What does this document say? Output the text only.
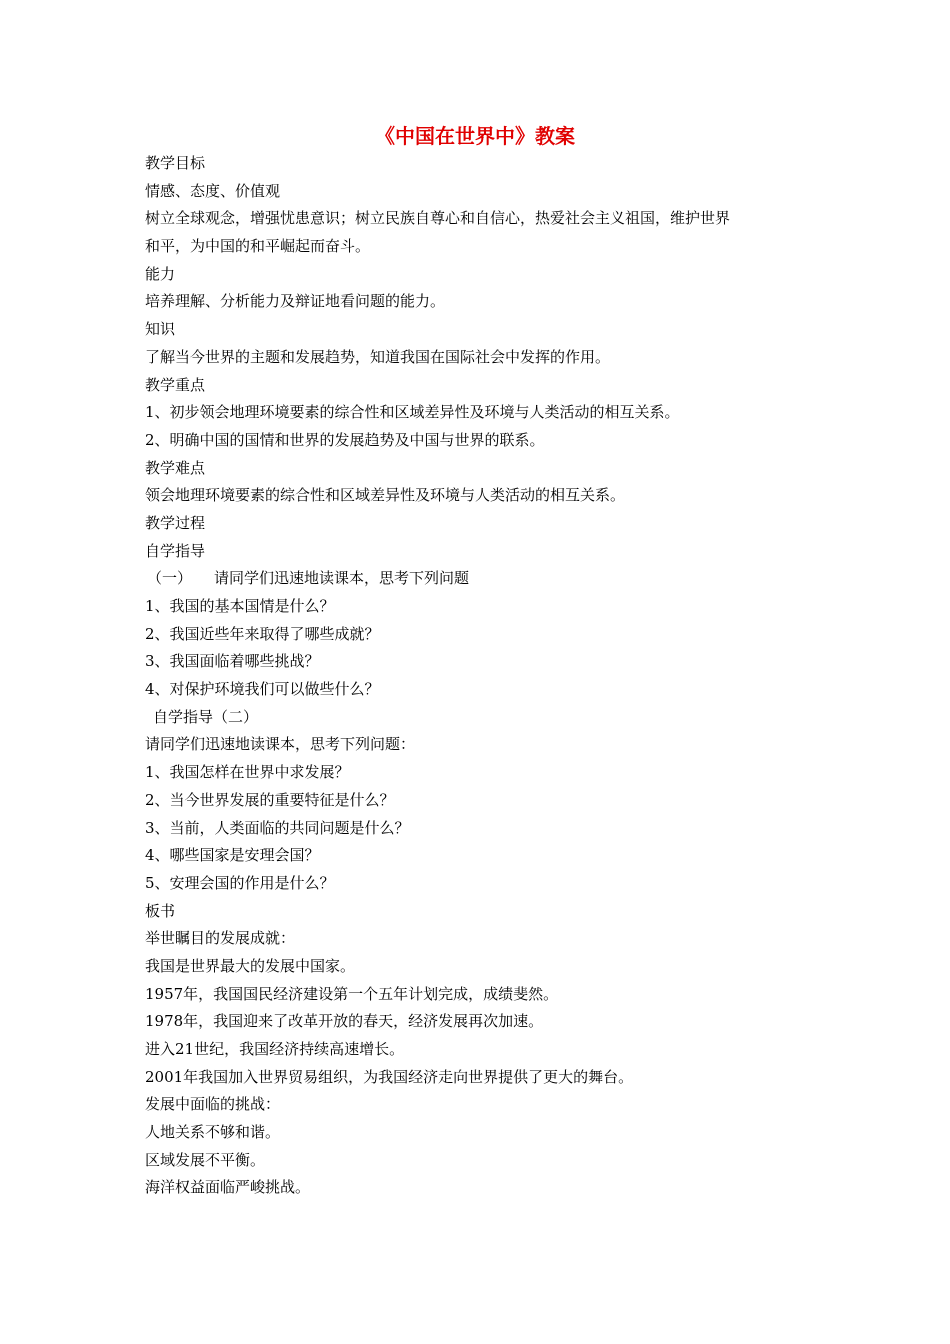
《中国在世界中》教案
教学目标
情感、态度、价值观
树立全球观念，增强忧患意识；树立民族自尊心和自信心，热爱社会主义祖国，维护世界
和平，为中国的和平崛起而奋斗。
能力
培养理解、分析能力及辩证地看问题的能力。
知识
了解当今世界的主题和发展趋势，知道我国在国际社会中发挥的作用。
教学重点
1、初步领会地理环境要素的综合性和区域差异性及环境与人类活动的相互关系。
2、明确中国的国情和世界的发展趋势及中国与世界的联系。
教学难点
领会地理环境要素的综合性和区域差异性及环境与人类活动的相互关系。
教学过程
自学指导
（一） 请同学们迅速地读课本，思考下列问题
1、我国的基本国情是什么？
2、我国近些年来取得了哪些成就？
3、我国面临着哪些挑战？
4、对保护环境我们可以做些什么？
自学指导（二）
请同学们迅速地读课本，思考下列问题：
1、我国怎样在世界中求发展？
2、当今世界发展的重要特征是什么？
3、当前，人类面临的共同问题是什么？
4、哪些国家是安理会国？
5、安理会国的作用是什么？
板书
举世瞩目的发展成就：
我国是世界最大的发展中国家。
1957年，我国国民经济建设第一个五年计划完成，成绩斐然。
1978年，我国迎来了改革开放的春天，经济发展再次加速。
进入21世纪，我国经济持续高速增长。
2001年我国加入世界贸易组织，为我国经济走向世界提供了更大的舞台。
发展中面临的挑战：
人地关系不够和谐。
区域发展不平衡。
海洋权益面临严峻挑战。
